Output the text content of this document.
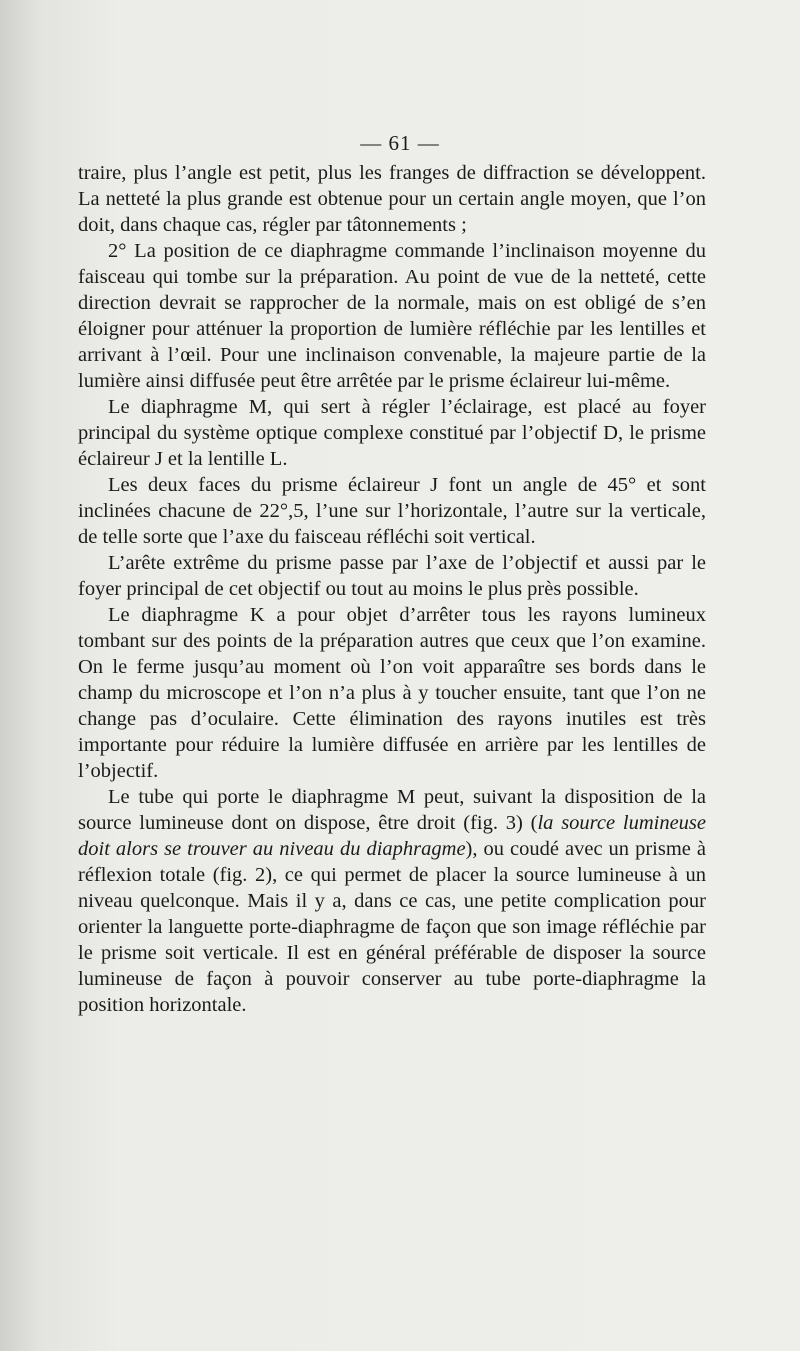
— 61 —

traire, plus l’angle est petit, plus les franges de diffraction se développent. La netteté la plus grande est obtenue pour un certain angle moyen, que l’on doit, dans chaque cas, régler par tâtonnements ;

2° La position de ce diaphragme commande l’inclinaison moyenne du faisceau qui tombe sur la préparation. Au point de vue de la netteté, cette direction devrait se rapprocher de la normale, mais on est obligé de s’en éloigner pour atténuer la proportion de lumière réfléchie par les lentilles et arrivant à l’œil. Pour une inclinaison convenable, la majeure partie de la lumière ainsi diffusée peut être arrêtée par le prisme éclaireur lui-même.

Le diaphragme M, qui sert à régler l’éclairage, est placé au foyer principal du système optique complexe constitué par l’objectif D, le prisme éclaireur J et la lentille L.

Les deux faces du prisme éclaireur J font un angle de 45° et sont inclinées chacune de 22°,5, l’une sur l’horizontale, l’autre sur la verticale, de telle sorte que l’axe du faisceau réfléchi soit vertical.

L’arête extrême du prisme passe par l’axe de l’objectif et aussi par le foyer principal de cet objectif ou tout au moins le plus près possible.

Le diaphragme K a pour objet d’arrêter tous les rayons lumineux tombant sur des points de la préparation autres que ceux que l’on examine. On le ferme jusqu’au moment où l’on voit apparaître ses bords dans le champ du microscope et l’on n’a plus à y toucher ensuite, tant que l’on ne change pas d’oculaire. Cette élimination des rayons inutiles est très importante pour réduire la lumière diffusée en arrière par les lentilles de l’objectif.

Le tube qui porte le diaphragme M peut, suivant la disposition de la source lumineuse dont on dispose, être droit (fig. 3) (la source lumineuse doit alors se trouver au niveau du diaphragme), ou coudé avec un prisme à réflexion totale (fig. 2), ce qui permet de placer la source lumineuse à un niveau quelconque. Mais il y a, dans ce cas, une petite complication pour orienter la languette porte-diaphragme de façon que son image réfléchie par le prisme soit verticale. Il est en général préférable de disposer la source lumineuse de façon à pouvoir conserver au tube porte-diaphragme la position horizontale.
